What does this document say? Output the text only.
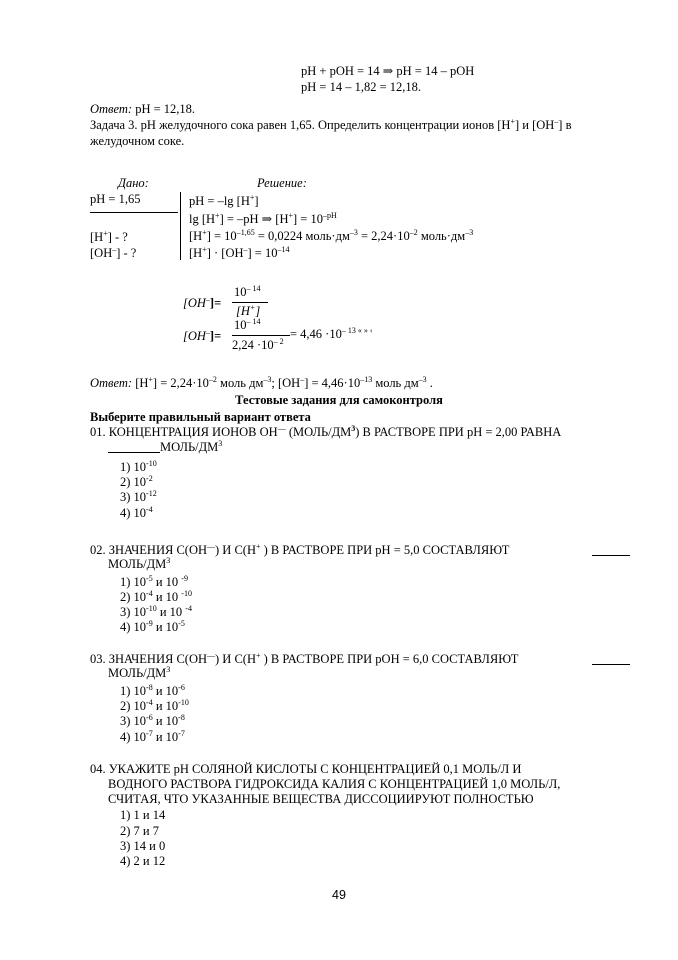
pH + pOH = 14 ⇒ pH = 14 – pOH
pH = 14 – 1,82 = 12,18.
Ответ: pH = 12,18.
Задача 3. pH желудочного сока равен 1,65. Определить концентрации ионов [H+] и [OH–] в
желудочном соке.
Дано:	Решение:
pH = 1,65
[H+] - ?
[OH–] - ?
pH = –lg [H+]
lg [H+] = –pH ⇒ $[H^+] = 10^{-pH}$
$[H^+] = 10^{-1,65} = 0,0224$ $моль\cdot дм^{-3} = 2,24\cdot 10^{-2}$ $моль\cdot дм^{-3}$
$[H^+] \cdot [OH^-] = 10^{-14}$
[OH–]=
$10^{- 14}$
[H+]
[OH–]=
$10^{- 14}$
$2,24 \cdot 10^{- 2}$
= $4,46 \cdot 10^{- 13 « » ‹}$
Ответ: $[H^+] = 2,24\cdot 10^{-2}$ моль $дм^{-3}$; $[OH^-] = 4,46\cdot 10^{-13}$ моль $дм^{-3}$ .
Тестовые задания для самоконтроля
Выберите правильный вариант ответа
01. КОНЦЕНТРАЦИЯ ИОНОВ ОН— $(МОЛЬ/ДМ^3)$ В РАСТВОРЕ ПРИ рН = 2,00 РАВНА
МОЛЬ/$ДМ^3$
1) $10^{-10}$
2) $10^{-2}$
3) $10^{-12}$
4) $10^{-4}$
02. ЗНАЧЕНИЯ С(ОН—) И С(Н+ ) В РАСТВОРЕ ПРИ рН = 5,0 СОСТАВЛЯЮТ
МОЛЬ/$ДМ^3$
1) $10^{-5}$ и 10 $^{-9}$
2) $10^{-4}$ и 10 $^{-10}$
3) $10^{-10}$ и 10 $^{-4}$
4) $10^{-9}$ и $10^{-5}$
03. ЗНАЧЕНИЯ С(ОН—) И С(Н+ ) В РАСТВОРЕ ПРИ рОН = 6,0 СОСТАВЛЯЮТ
МОЛЬ/$ДМ^3$
1) $10^{-8}$ и $10^{-6}$
2) $10^{-4}$ и $10^{-10}$
3) $10^{-6}$ и $10^{-8}$
4) $10^{-7}$ и $10^{-7}$
04. УКАЖИТЕ рН СОЛЯНОЙ КИСЛОТЫ С КОНЦЕНТРАЦИЕЙ 0,1 МОЛЬ/Л И
ВОДНОГО РАСТВОРА ГИДРОКСИДА КАЛИЯ С КОНЦЕНТРАЦИЕЙ 1,0 МОЛЬ/Л,
СЧИТАЯ, ЧТО УКАЗАННЫЕ ВЕЩЕСТВА ДИССОЦИИРУЮТ ПОЛНОСТЬЮ
1) 1 и 14
2) 7 и 7
3) 14 и 0
4) 2 и 12
49
